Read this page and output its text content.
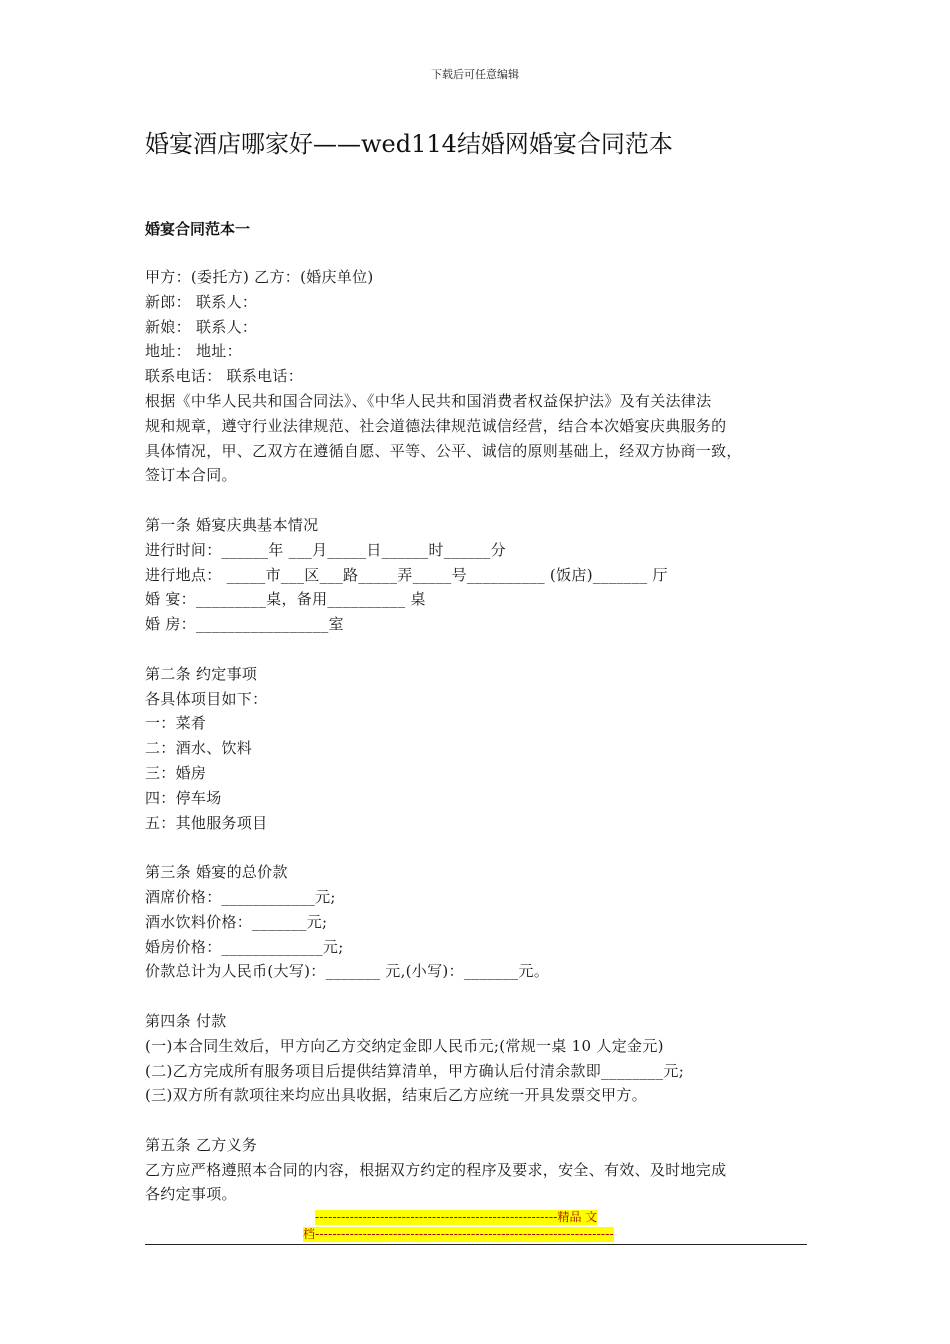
下载后可任意编辑
婚宴酒店哪家好——wed114结婚网婚宴合同范本
婚宴合同范本一
甲方：(委托方) 乙方：(婚庆单位)
新郎： 联系人：
新娘： 联系人：
地址： 地址：
联系电话： 联系电话：
根据《中华人民共和国合同法》、《中华人民共和国消费者权益保护法》及有关法律法
规和规章，遵守行业法律规范、社会道德法律规范诚信经营，结合本次婚宴庆典服务的
具体情况，甲、乙双方在遵循自愿、平等、公平、诚信的原则基础上，经双方协商一致，
签订本合同。
第一条 婚宴庆典基本情况
进行时间：______年 ___月_____日______时______分
进行地点： _____市___区___路_____弄_____号__________ (饭店)_______ 厅
婚 宴：_________桌，备用__________ 桌
婚 房：_________________室
第二条 约定事项
各具体项目如下：
一：菜肴
二：酒水、饮料
三：婚房
四：停车场
五：其他服务项目
第三条 婚宴的总价款
酒席价格：____________元;
酒水饮料价格：_______元;
婚房价格：_____________元;
价款总计为人民币(大写)：_______ 元,(小写)：_______元。
第四条 付款
(一)本合同生效后，甲方向乙方交纳定金即人民币元;(常规一桌 10 人定金元)
(二)乙方完成所有服务项目后提供结算清单，甲方确认后付清余款即________元;
(三)双方所有款项往来均应出具收据，结束后乙方应统一开具发票交甲方。
第五条 乙方义务
乙方应严格遵照本合同的内容，根据双方约定的程序及要求，安全、有效、及时地完成
各约定事项。
--------------------------------------------------------精品 文
档---------------------------------------------------------------------
